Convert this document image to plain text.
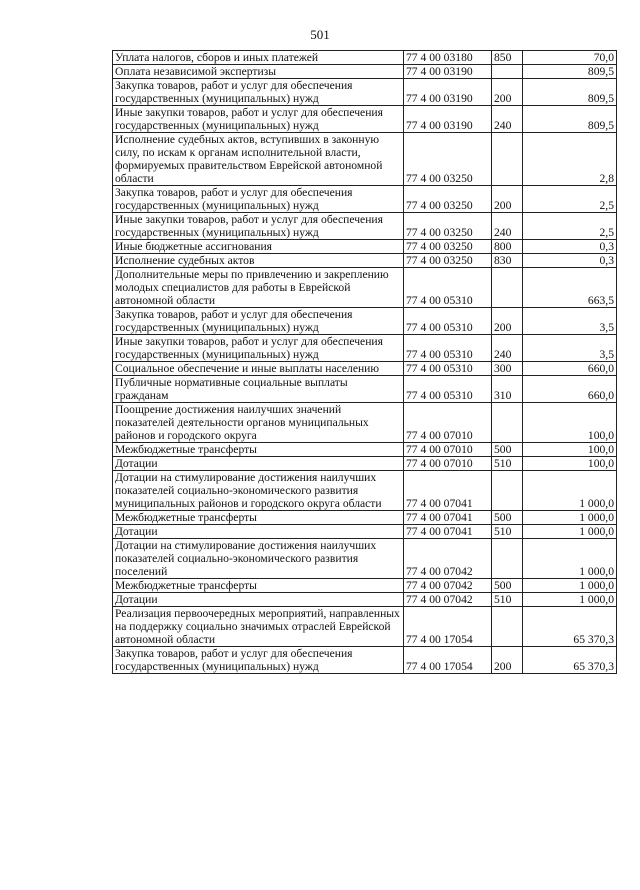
501
Уплата налогов, сборов и иных платежей	77 4 00 03180	850	70,0
Оплата независимой экспертизы	77 4 00 03190		809,5
Закупка товаров, работ и услуг для обеспечения государственных (муниципальных) нужд	77 4 00 03190	200	809,5
Иные закупки товаров, работ и услуг для обеспечения государственных (муниципальных) нужд	77 4 00 03190	240	809,5
Исполнение судебных актов, вступивших в законную силу, по искам к органам исполнительной власти, формируемых правительством Еврейской автономной области	77 4 00 03250		2,8
Закупка товаров, работ и услуг для обеспечения государственных (муниципальных) нужд	77 4 00 03250	200	2,5
Иные закупки товаров, работ и услуг для обеспечения государственных (муниципальных) нужд	77 4 00 03250	240	2,5
Иные бюджетные ассигнования	77 4 00 03250	800	0,3
Исполнение судебных актов	77 4 00 03250	830	0,3
Дополнительные меры по привлечению и закреплению молодых специалистов для работы в Еврейской автономной области	77 4 00 05310		663,5
Закупка товаров, работ и услуг для обеспечения государственных (муниципальных) нужд	77 4 00 05310	200	3,5
Иные закупки товаров, работ и услуг для обеспечения государственных (муниципальных) нужд	77 4 00 05310	240	3,5
Социальное обеспечение и иные выплаты населению	77 4 00 05310	300	660,0
Публичные нормативные социальные выплаты гражданам	77 4 00 05310	310	660,0
Поощрение достижения наилучших значений показателей деятельности органов муниципальных районов и городского округа	77 4 00 07010		100,0
Межбюджетные трансферты	77 4 00 07010	500	100,0
Дотации	77 4 00 07010	510	100,0
Дотации на стимулирование достижения наилучших показателей социально-экономического развития муниципальных районов и городского округа области	77 4 00 07041		1 000,0
Межбюджетные трансферты	77 4 00 07041	500	1 000,0
Дотации	77 4 00 07041	510	1 000,0
Дотации на стимулирование достижения наилучших показателей социально-экономического развития поселений	77 4 00 07042		1 000,0
Межбюджетные трансферты	77 4 00 07042	500	1 000,0
Дотации	77 4 00 07042	510	1 000,0
Реализация первоочередных мероприятий, направленных на поддержку социально значимых отраслей Еврейской автономной области	77 4 00 17054		65 370,3
Закупка товаров, работ и услуг для обеспечения государственных (муниципальных) нужд	77 4 00 17054	200	65 370,3
